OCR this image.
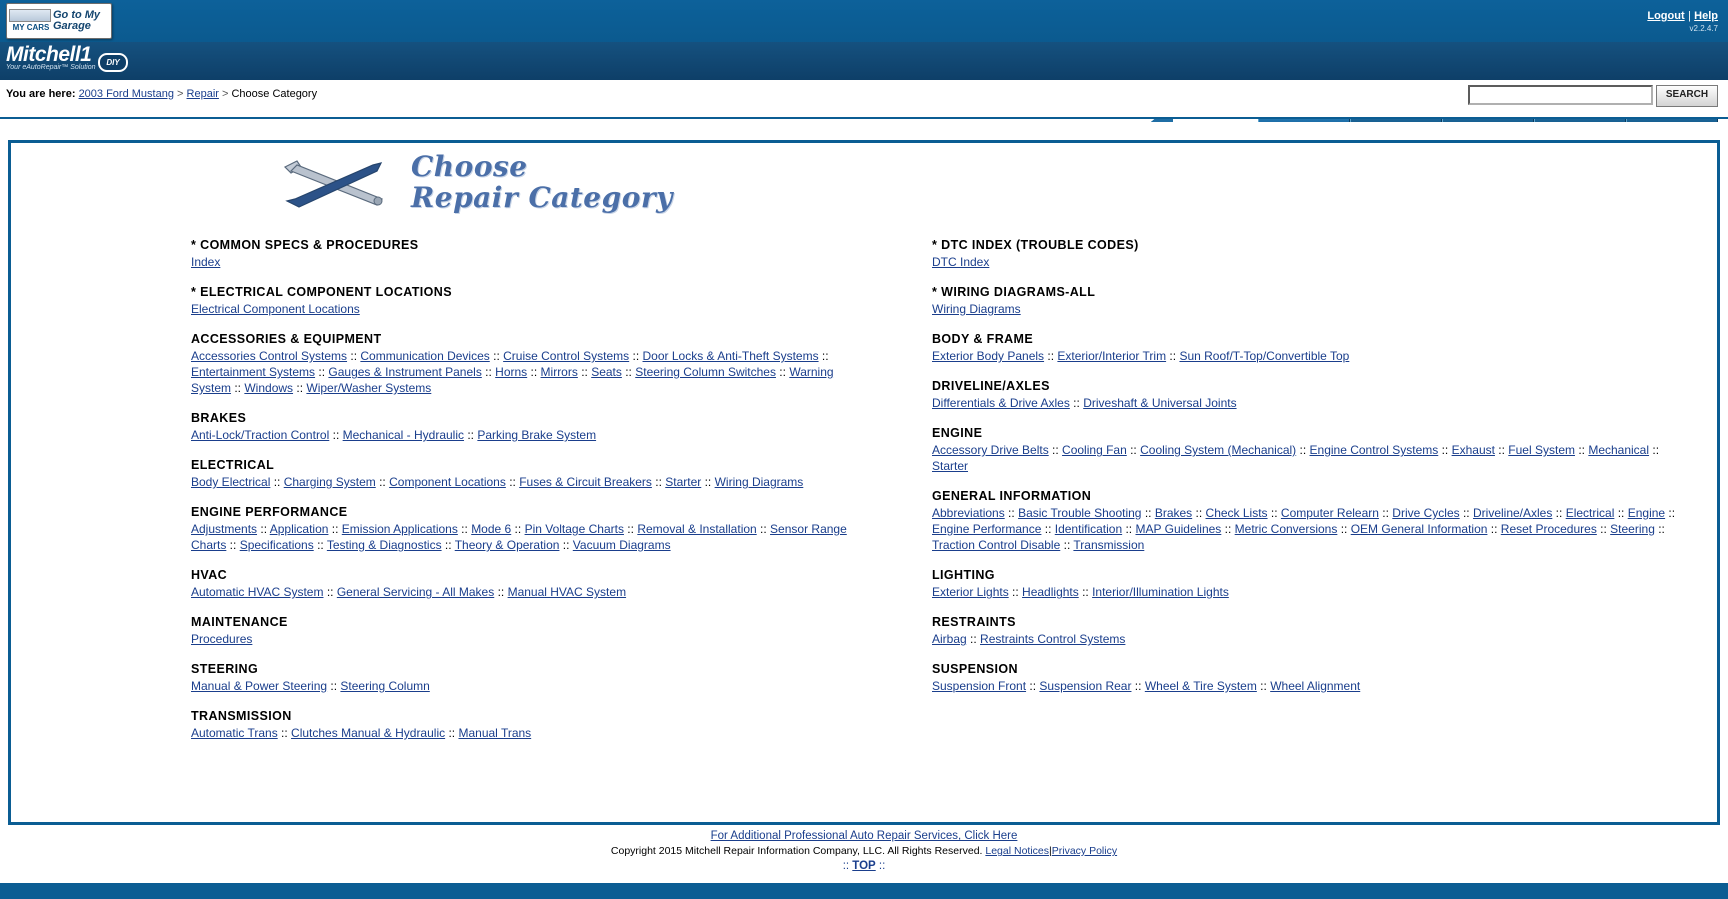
MY CARS
Go to My
Garage
Logout | Help
v2.2.4.7
Mitchell1
Your eAutoRepair™ Solution
DIY
You are here: 2003 Ford Mustang > Repair > Choose Category	SEARCH
Choose
Repair Category
* COMMON SPECS & PROCEDURES
Index
* ELECTRICAL COMPONENT LOCATIONS
Electrical Component Locations
ACCESSORIES & EQUIPMENT
Accessories Control Systems :: Communication Devices :: Cruise Control Systems :: Door Locks & Anti-Theft Systems :: Entertainment Systems :: Gauges & Instrument Panels :: Horns :: Mirrors :: Seats :: Steering Column Switches :: Warning System :: Windows :: Wiper/Washer Systems
BRAKES
Anti-Lock/Traction Control :: Mechanical - Hydraulic :: Parking Brake System
ELECTRICAL
Body Electrical :: Charging System :: Component Locations :: Fuses & Circuit Breakers :: Starter :: Wiring Diagrams
ENGINE PERFORMANCE
Adjustments :: Application :: Emission Applications :: Mode 6 :: Pin Voltage Charts :: Removal & Installation :: Sensor Range Charts :: Specifications :: Testing & Diagnostics :: Theory & Operation :: Vacuum Diagrams
HVAC
Automatic HVAC System :: General Servicing - All Makes :: Manual HVAC System
MAINTENANCE
Procedures
STEERING
Manual & Power Steering :: Steering Column
TRANSMISSION
Automatic Trans :: Clutches Manual & Hydraulic :: Manual Trans
* DTC INDEX (TROUBLE CODES)
DTC Index
* WIRING DIAGRAMS-ALL
Wiring Diagrams
BODY & FRAME
Exterior Body Panels :: Exterior/Interior Trim :: Sun Roof/T-Top/Convertible Top
DRIVELINE/AXLES
Differentials & Drive Axles :: Driveshaft & Universal Joints
ENGINE
Accessory Drive Belts :: Cooling Fan :: Cooling System (Mechanical) :: Engine Control Systems :: Exhaust :: Fuel System :: Mechanical :: Starter
GENERAL INFORMATION
Abbreviations :: Basic Trouble Shooting :: Brakes :: Check Lists :: Computer Relearn :: Drive Cycles :: Driveline/Axles :: Electrical :: Engine :: Engine Performance :: Identification :: MAP Guidelines :: Metric Conversions :: OEM General Information :: Reset Procedures :: Steering :: Traction Control Disable :: Transmission
LIGHTING
Exterior Lights :: Headlights :: Interior/Illumination Lights
RESTRAINTS
Airbag :: Restraints Control Systems
SUSPENSION
Suspension Front :: Suspension Rear :: Wheel & Tire System :: Wheel Alignment
For Additional Professional Auto Repair Services, Click Here
Copyright 2015 Mitchell Repair Information Company, LLC. All Rights Reserved. Legal Notices|Privacy Policy
:: TOP ::
